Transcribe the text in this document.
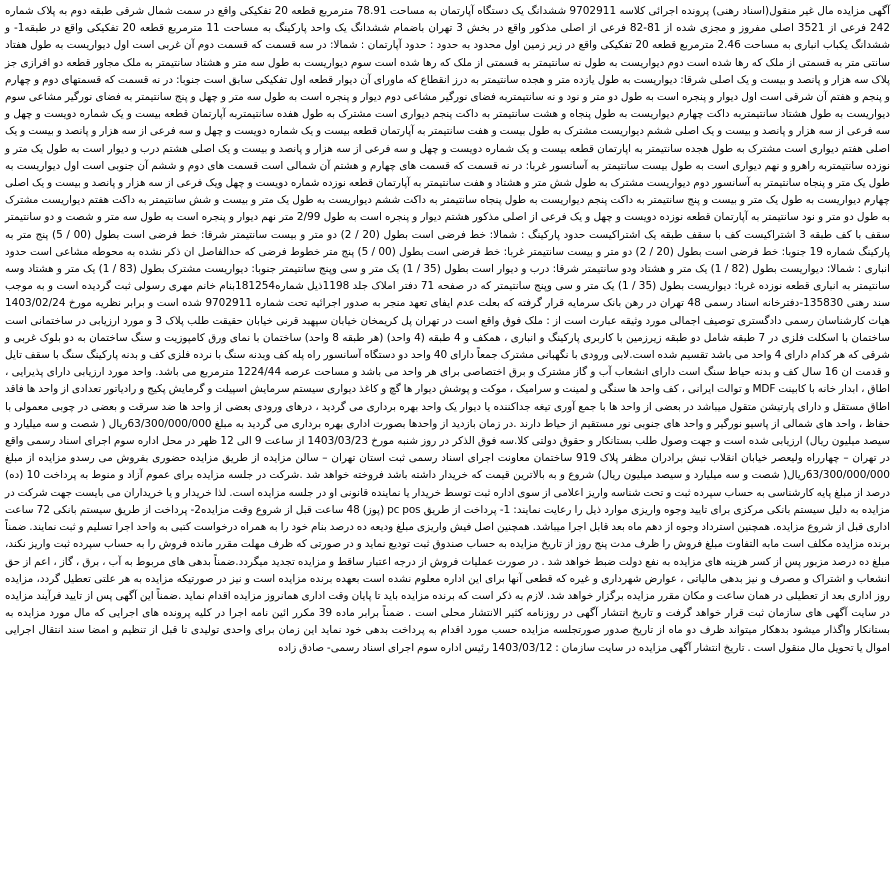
آگهی مزایده مال غیر منقول(اسناد رهنی) پرونده اجرائی کلاسه 9702911 ششدانگ یک دستگاه آپارتمان به مساحت 78.91 مترمربع قطعه 20 تفکیکی واقع در سمت شمال شرقی طبقه دوم به پلاک شماره 242 فرعی از 3521 اصلی مفروز و مجزی شده از 81-82 فرعی از اصلی مذکور واقع در بخش 3 تهران باضمام ششدانگ یک واحد پارکینگ به مساحت 11 مترمربع قطعه 20 تفکیکی واقع در طبقه1- و ششدانگ یکباب انباری به مساحت 2.46 مترمربع قطعه 20 تفکیکی واقع در زیر زمین اول محدود به حدود : حدود آپارتمان : شمالا: در سه قسمت که قسمت دوم آن غربی است اول دیواریست به طول هفتاد سانتی متر به قسمتی از ملک که رها شده است دوم دیواریست به طول نه سانتیمتر به قسمتی از ملک که رها شده است سوم دیواریست به طول سه متر و هشتاد سانتیمتر به ملک مجاور قطعه دو افرازی جز پلاک سه هزار و پانصد و بیست و یک اصلی شرقا: دیواریست به طول یازده متر و هجده سانتیمتر به درز انقطاع که ماورای آن دیوار قطعه اول تفکیکی سابق است جنوبا: در نه قسمت که قسمتهای دوم و چهارم و پنجم و هفتم آن شرقی است اول دیوار و پنجره است به طول دو متر و نود و نه سانتیمتربه فضای نورگیر مشاعی دوم دیوار و پنجره است به طول سه متر و چهل و پنج سانتیمتر به فضای نورگیر مشاعی سوم دیواریست به طول هشتاد سانتیمتربه داکت چهارم دیواریست به طول پنجاه و هشت سانتیمتر به داکت پنجم دیواری است مشترک به طول هفده سانتیمتربه آپارتمان قطعه بیست و یک شماره دویست و چهل و سه فرعی از سه هزار و پانصد و بیست و یک اصلی ششم دیواریست مشترک به طول بیست و هفت سانتیمتر به آپارتمان قطعه بیست و یک شماره دویست و چهل و سه فرعی از سه هزار و پانصد و بیست و یک اصلی هفتم دیواری است مشترک به طول هجده سانتیمتر به اپارتمان قطعه بیست و یک شماره دویست و چهل و سه فرعی از سه هزار و پانصد و بیست و یک اصلی هشتم درب و دیوار است به طول یک متر و نوزده سانتیمتربه راهرو و نهم دیواری است به طول بیست سانتیمتر به آسانسور غربا: در نه قسمت که قسمت های چهارم و هشتم آن شمالی است قسمت های دوم و ششم آن جنوبی است اول دیواریست به طول یک متر و پنجاه سانتیمتر به آسانسور دوم دیواریست مشترک به طول شش متر و هشتاد و هفت سانتیمتر به آپارتمان قطعه نوزده شماره دویست و چهل ویک فرعی از سه هزار و پانصد و بیست و یک اصلی چهارم دیواریست به طول یک متر و بیست و پنج سانتیمتر به داکت پنجم دیواریست به طول پنجاه سانتیمتر به داکت ششم دیواریست به طول یک متر و بیست و شش سانتیمتر به داکت هفتم دیواریست مشترک به طول دو متر و نود سانتیمتر به آپارتمان قطعه نوزده دویست و چهل و یک فرعی از اصلی مذکور هشتم دیوار و پنجره است به طول 2/99 متر نهم دیوار و پنجره است به طول سه متر و شصت و دو سانتیمتر سقف با کف طبقه 3 اشتراکیست کف با سقف طبقه یک اشتراکیست حدود پارکینگ : شمالا: خط فرضی است بطول (20 / 2) دو متر و بیست سانتیمتر شرقا: خط فرضی است بطول (00 / 5) پنج متر به پارکینگ شماره 19 جنوبا: خط فرضی است بطول (20 / 2) دو متر و بیست سانتیمتر غربا: خط فرضی است بطول (00 / 5) پنج متر خطوط فرضی که حدالفاصل ان ذکر نشده به محوطه مشاعی است حدود انباری : شمالا: دیواریست بطول (82 / 1) یک متر و هشتاد ودو سانتیمتر شرقا: درب و دیوار است بطول (35 / 1) یک متر و سی وپنج سانتیمتر جنوبا: دیواریست مشترک بطول (83 / 1) یک متر و هشتاد وسه سانتیمتر به انباری قطعه نوزده غربا: دیواریست بطول (35 / 1) یک متر و سی وپنج سانتیمتر که در صفحه 71 دفتر املاک جلد 1198ذیل شماره181254بنام خانم مهری رسولی ثبت گردیده است و به موجب سند رهنی 135830-دفترخانه اسناد رسمی 48 تهران در رهن بانک سرمایه قرار گرفته که بعلت عدم ایفای تعهد منجر به صدور اجرائیه تحت شماره 9702911 شده است و برابر نظریه مورخ 1403/02/24 هیات کارشناسان رسمی دادگستری توصیف اجمالی مورد وثیقه عبارت است از : ملک فوق واقع است در تهران پل کریمخان خیابان سپهبد قرنی خیابان حقیقت طلب پلاک 3 و مورد ارزیابی در ساختمانی است ساختمان با اسکلت فلزی در 7 طبقه شامل دو طبقه زیرزمین با کاربری پارکینگ و انباری ، همکف و 4 طبقه (4 واحد) (هر طبقه 8 واحد) ساختمان با نمای ورق کامپوزیت و سنگ ساختمان به دو بلوک غربی و شرقی که هر کدام دارای 4 واحد می باشد تقسیم شده است.لابی ورودی با نگهبانی مشترک جمعاً دارای 40 واحد دو دستگاه آسانسور راه پله کف وبدنه سنگ با نرده فلزی کف و بدنه پارکینگ سنگ با سقف تایل و قدمت ان 16 سال کف و بدنه حیاط سنگ است دارای انشعاب آب و گاز مشترک و برق اختصاصی برای هر واحد می باشد و مساحت عرصه 1224/44 مترمربع می باشد. واحد مورد ارزیابی دارای پذیرایی ، اطاق ، ابدار خانه با کابینت MDF و توالت ایرانی ، کف واحد ها سنگی و لمینت و سرامیک ، موکت و پوشش دیوار ها گچ و کاغذ دیواری سیستم سرمایش اسپیلت و گرمایش پکیج و رادیاتور تعدادی از واحد ها فاقد اطاق مستقل و دارای پارتیشن متقول میباشد در بعضی از واحد ها با جمع آوری تیغه جداکننده یا دیوار یک واحد بهره برداری می گردید ، درهای ورودی بعضی از واحد ها ضد سرقت و بعضی در چوبی معمولی با حفاظ ، واحد های شمالی از پاسیو نورگیر و واحد های جنوبی نور مستقیم از حیاط دارند .در زمان بازدید از واحدها بصورت اداری بهره برداری می گردید به مبلغ 63/300/000/000ریال ( شصت و سه میلیارد و سیصد میلیون ریال) ارزیابی شده است و جهت وصول طلب بستانکار و حقوق دولتی کلا.سه فوق الذکر در روز شنبه مورخ 1403/03/23 از ساعت 9 الی 12 ظهر در محل اداره سوم اجرای اسناد رسمی واقع در تهران – چهارراه ولیعصر خیابان انقلاب نبش برادران مظفر پلاک 919 ساختمان معاونت اجرای اسناد رسمی ثبت استان تهران – سالن مزایده از طریق مزایده حضوری بفروش می رسدو مزایده از مبلغ 63/300/000/000ریال( شصت و سه میلیارد و سیصد میلیون ریال) شروع و به بالاترین قیمت که خریدار داشته باشد فروخته خواهد شد .شرکت در جلسه مزایده برای عموم آزاد و منوط به پرداخت 10 (ده) درصد از مبلغ پایه کارشناسی به حساب سپرده ثبت و تحت شناسه واریز اعلامی از سوی اداره ثبت توسط خریدار یا نماینده قانونی او در جلسه مزایده است. لذا خریدار و یا خریداران می بایست جهت شرکت در مزایده به دلیل سیستم بانکی مرکزی برای تایید وجوه واریزی موارد ذیل را رعایت نمایند: 1- پرداخت از طریق pc pos (پوز) 48 ساعت قبل از شروع وقت مزایده2- پرداخت از طریق سیستم بانکی 72 ساعت اداری قبل از شروع مزایده. همچنین استرداد وجوه از دهم ماه بعد قابل اجرا میباشد. همچنین اصل فیش واریزی مبلغ ودیعه ده درصد بنام خود را به همراه درخواست کتبی به واحد اجرا تسلیم و ثبت نمایند. ضمناً برنده مزایده مکلف است مابه التفاوت مبلغ فروش را ظرف مدت پنج روز از تاریخ مزایده به حساب صندوق ثبت تودیع نماید و در صورتی که ظرف مهلت مقرر مانده فروش را به حساب سپرده ثبت واریز نکند، مبلغ ده درصد مزبور پس از کسر هزینه های مزایده به نفع دولت ضبط خواهد شد . در صورت عملیات فروش از درجه اعتبار ساقط و مزایده تجدید میگردد.ضمناً بدهی های مربوط به آب ، برق ، گاز ، اعم از حق انشعاب و اشتراک و مصرف و نیز بدهی مالیاتی ، عوارض شهرداری و غیره که قطعی آنها برای این اداره معلوم نشده است بعهده برنده مزایده است و نیز در صورتیکه مزایده به هر علتی تعطیل گردد، مزایده روز اداری بعد از تعطیلی در همان ساعت و مکان مقرر مزایده برگزار خواهد شد. لازم به ذکر است که برنده مزایده باید تا پایان وقت اداری همانروز مزایده اقدام نماید .ضمناً این آگهی پس از تایید فرآیند مزایده در سایت آگهی های سازمان ثبت قرار خواهد گرفت و تاریخ انتشار آگهی در روزنامه کثیر الانتشار محلی است . ضمناً برابر ماده 39 مکرر ائین نامه اجرا در کلیه پرونده های اجرایی که مال مورد مزایده به بستانکار واگذار میشود بدهکار میتواند ظرف دو ماه از تاریخ صدور صورتجلسه مزایده حسب مورد اقدام به پرداخت بدهی خود نماید این زمان برای واحدی تولیدی تا قبل از تنظیم و امضا سند انتقال اجرایی اموال یا تحویل مال منقول است . تاریخ انتشار آگهی مزایده در سایت سازمان : 1403/03/12 رئیس اداره سوم اجرای اسناد رسمی- صادق زاده
